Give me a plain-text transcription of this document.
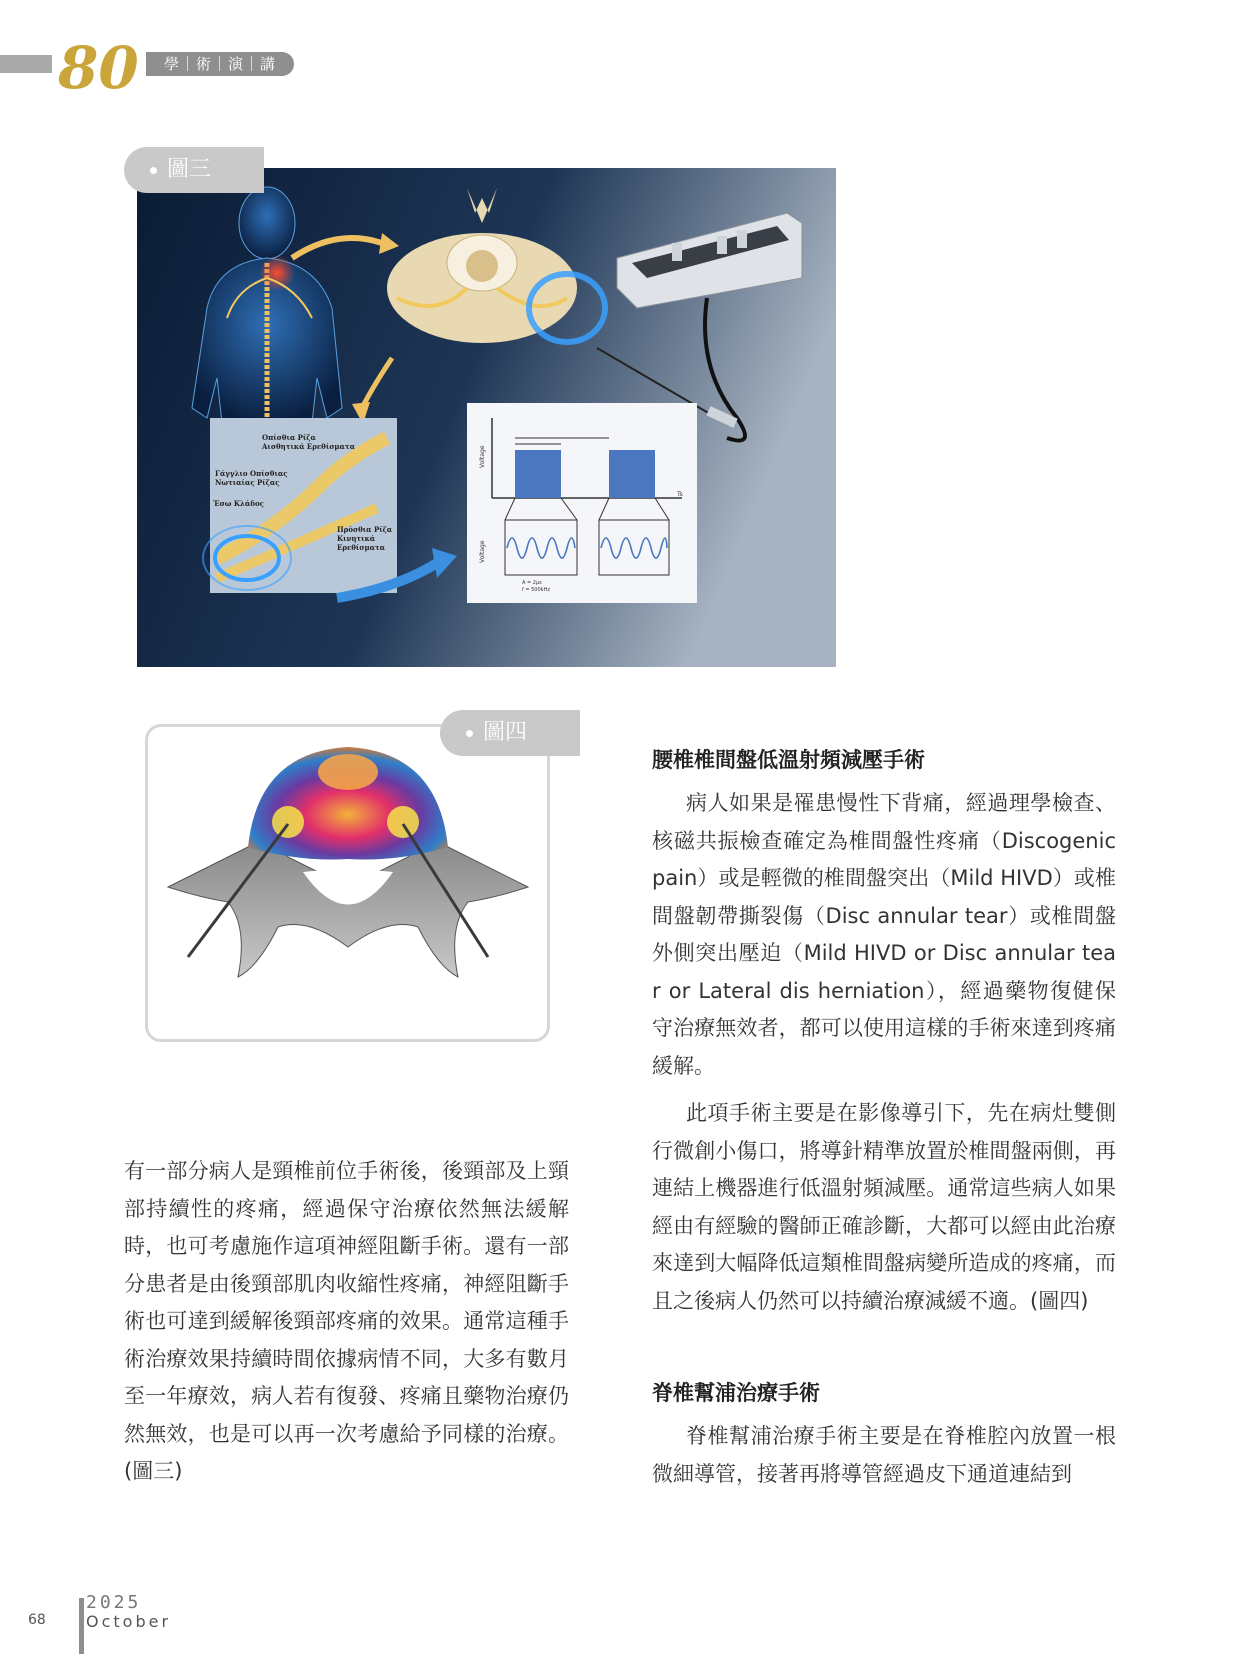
80	學｜術｜演｜講
Οπίσθια Ρίζα
Αισθητικά Ερεθίσματα
Γάγγλιο Οπίσθιας
Νωτιαίας Ρίζας
Έσω Κλάδος
Πρόσθια Ρίζα
Κινητικά
Ερεθίσματα
Voltage
Voltage
Ts
A = 2μs
f = 500kHz
圖三
圖四
有一部分病人是頸椎前位手術後，後頸部及上頸部持續性的疼痛，經過保守治療依然無法緩解時，也可考慮施作這項神經阻斷手術。還有一部分患者是由後頸部肌肉收縮性疼痛，神經阻斷手術也可達到緩解後頸部疼痛的效果。通常這種手術治療效果持續時間依據病情不同，大多有數月至一年療效，病人若有復發、疼痛且藥物治療仍然無效，也是可以再一次考慮給予同樣的治療。(圖三)
腰椎椎間盤低溫射頻減壓手術
病人如果是罹患慢性下背痛，經過理學檢查、核磁共振檢查確定為椎間盤性疼痛（Discogenic pain）或是輕微的椎間盤突出（Mild HIVD）或椎間盤韌帶撕裂傷（Disc annular tear）或椎間盤外側突出壓迫（Mild HIVD or Disc annular tear or Lateral dis herniation），經過藥物復健保守治療無效者，都可以使用這樣的手術來達到疼痛緩解。
此項手術主要是在影像導引下，先在病灶雙側行微創小傷口，將導針精準放置於椎間盤兩側，再連結上機器進行低溫射頻減壓。通常這些病人如果經由有經驗的醫師正確診斷，大都可以經由此治療來達到大幅降低這類椎間盤病變所造成的疼痛，而且之後病人仍然可以持續治療減緩不適。(圖四)
脊椎幫浦治療手術
脊椎幫浦治療手術主要是在脊椎腔內放置一根微細導管，接著再將導管經過皮下通道連結到
68
2025
October
